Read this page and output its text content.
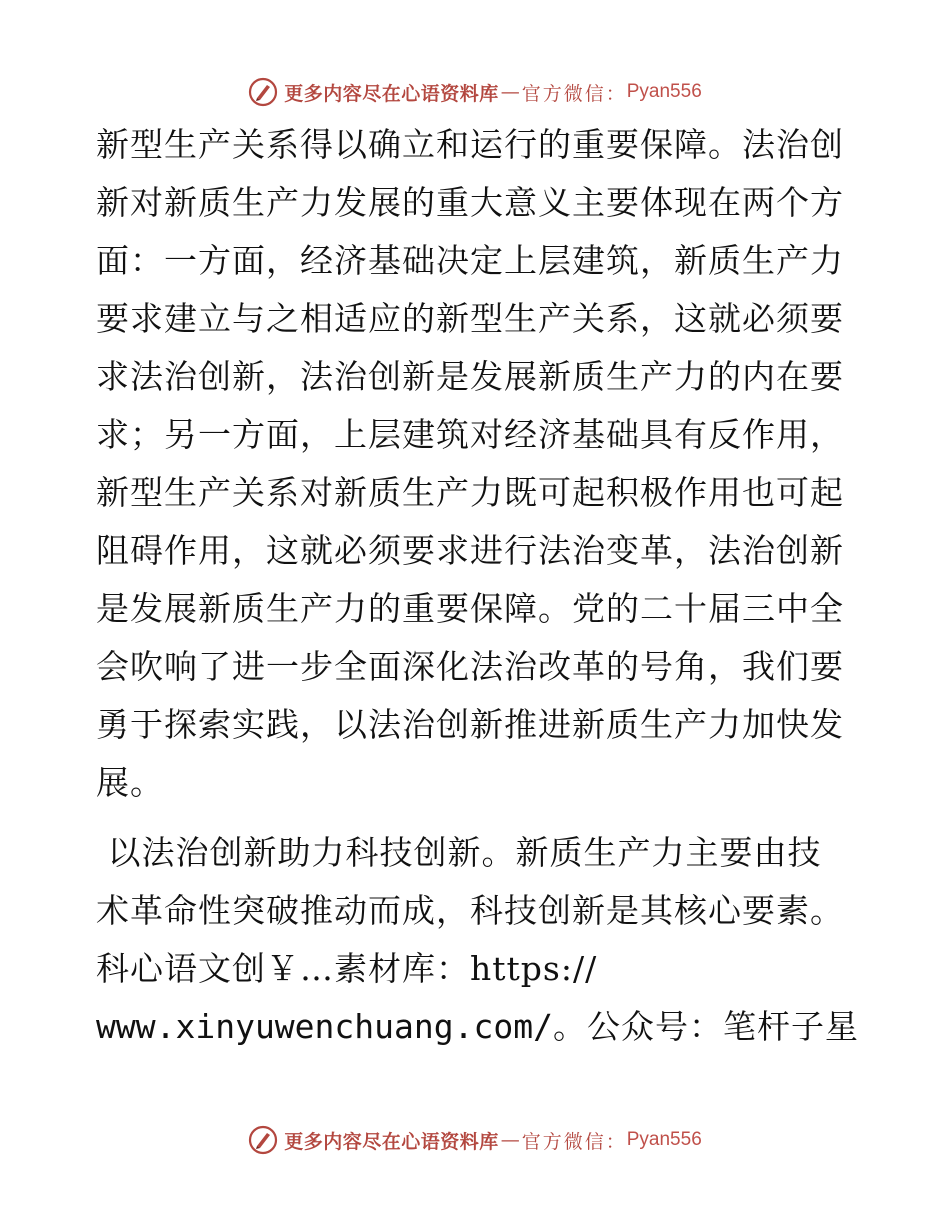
更多内容尽在心语资料库 — 官方微信： Pyan556
新型生产关系得以确立和运行的重要保障。法治创
新对新质生产力发展的重大意义主要体现在两个方
面：一方面，经济基础决定上层建筑，新质生产力
要求建立与之相适应的新型生产关系，这就必须要
求法治创新，法治创新是发展新质生产力的内在要
求；另一方面，上层建筑对经济基础具有反作用，
新型生产关系对新质生产力既可起积极作用也可起
阻碍作用，这就必须要求进行法治变革，法治创新
是发展新质生产力的重要保障。党的二十届三中全
会吹响了进一步全面深化法治改革的号角，我们要
勇于探索实践，以法治创新推进新质生产力加快发
展。
以法治创新助力科技创新。新质生产力主要由技
术革命性突破推动而成，科技创新是其核心要素。
科心语文创￥…素材库：https://
www.xinyuwenchuang.com/。公众号：笔杆子星
更多内容尽在心语资料库 — 官方微信： Pyan556
